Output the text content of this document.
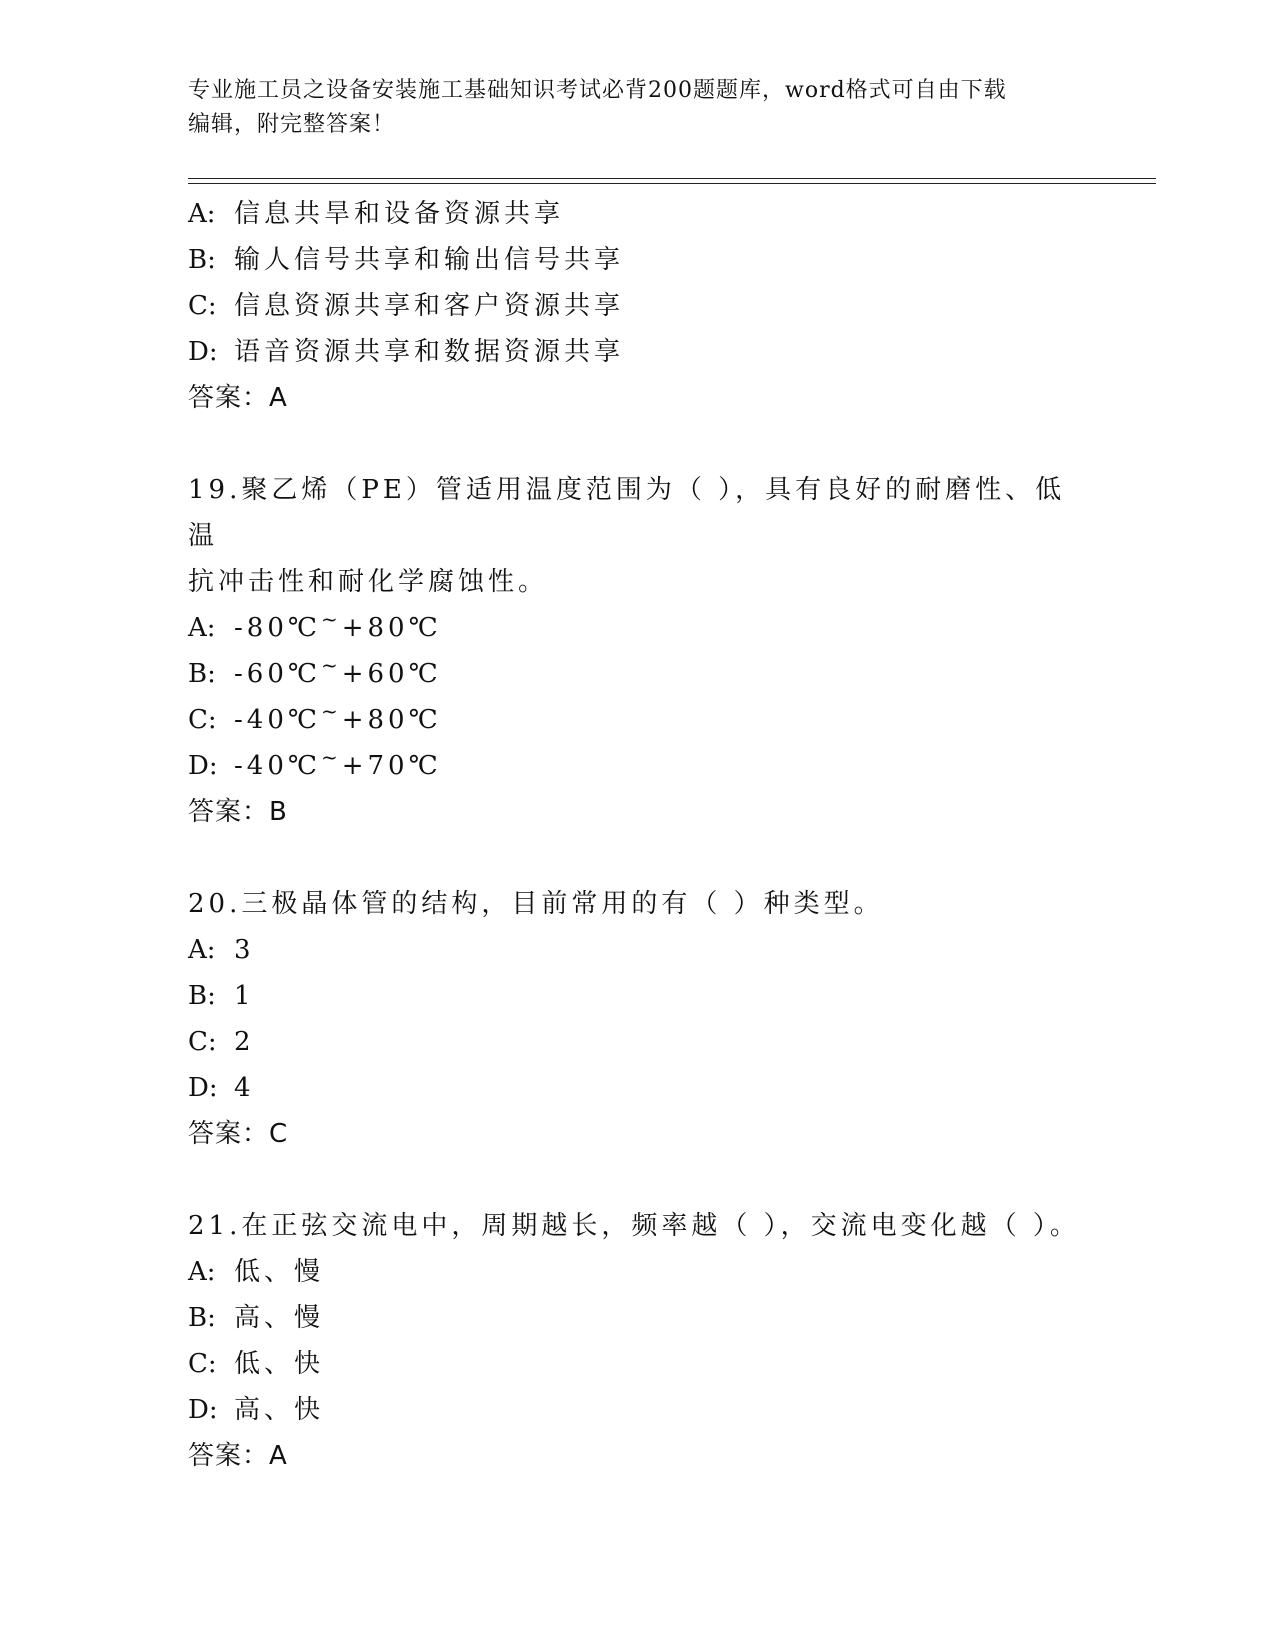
专业施工员之设备安装施工基础知识考试必背200题题库，word格式可自由下载
编辑，附完整答案！
A: 信息共旱和设备资源共享
B: 输人信号共享和输出信号共享
C: 信息资源共享和客户资源共享
D: 语音资源共享和数据资源共享
答案：A
19.聚乙烯（PE）管适用温度范围为（ ），具有良好的耐磨性、低温
抗冲击性和耐化学腐蚀性。
A: -80℃~+80℃
B: -60℃~+60℃
C: -40℃~+80℃
D: -40℃~+70℃
答案：B
20.三极晶体管的结构，目前常用的有（ ）种类型。
A: 3
B: 1
C: 2
D: 4
答案：C
21.在正弦交流电中，周期越长，频率越（ ），交流电变化越（ ）。
A: 低、慢
B: 高、慢
C: 低、快
D: 高、快
答案：A
